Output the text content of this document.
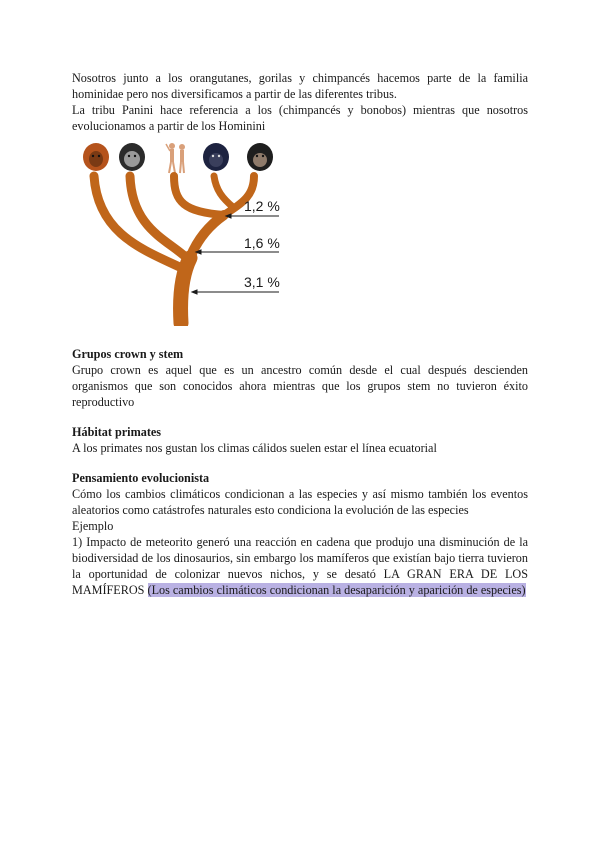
Nosotros junto a los orangutanes, gorilas y chimpancés hacemos parte de la familia hominidae pero nos diversificamos a partir de las diferentes tribus.

La tribu Panini hace referencia a los (chimpancés y bonobos) mientras que nosotros evolucionamos a partir de los Hominini

1,2 %
1,6 %
3,1 %

Grupos crown y stem

Grupo crown es aquel que es un ancestro común desde el cual después descienden organismos que son conocidos ahora mientras que los grupos stem no tuvieron éxito reproductivo

Hábitat primates

A los primates nos gustan los climas cálidos suelen estar el línea ecuatorial

Pensamiento evolucionista

Cómo los cambios climáticos condicionan a las especies y así mismo también los eventos aleatorios como catástrofes naturales esto condiciona la evolución de las especies

Ejemplo

1) Impacto de meteorito generó una reacción en cadena que produjo una disminución de la biodiversidad de los dinosaurios, sin embargo los mamíferos que existían bajo tierra tuvieron la oportunidad de colonizar nuevos nichos, y se desató LA GRAN ERA DE LOS MAMÍFEROS (Los cambios climáticos condicionan la desaparición y aparición de especies)
